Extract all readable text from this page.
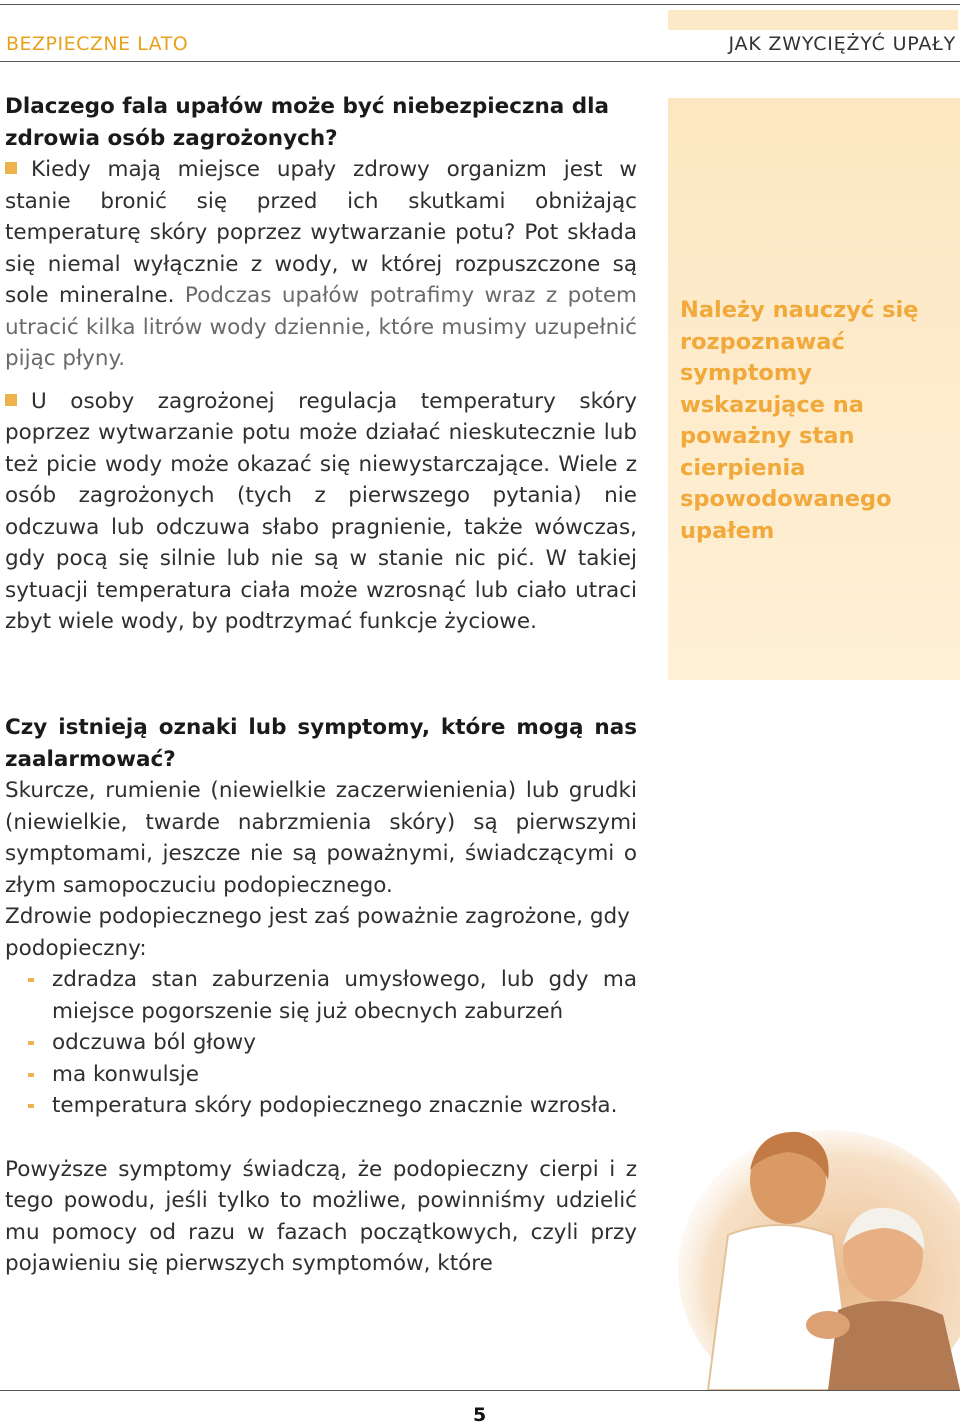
BEZPIECZNE LATO	JAK ZWYCIĘŻYĆ UPAŁY
Należy nauczyć się rozpoznawać symptomy wskazujące na poważny stan cierpienia spowodowanego upałem

Dlaczego fala upałów może być niebezpieczna dla zdrowia osób zagrożonych?

Kiedy mają miejsce upały zdrowy organizm jest w stanie bronić się przed ich skutkami obniżając temperaturę skóry poprzez wytwarzanie potu? Pot składa się niemal wyłącznie z wody, w której rozpuszczone są sole mineralne. Podczas upałów potrafimy wraz z potem utracić kilka litrów wody dziennie, które musimy uzupełnić pijąc płyny.

U osoby zagrożonej regulacja temperatury skóry poprzez wytwarzanie potu może działać nieskutecznie lub też picie wody może okazać się niewystarczające. Wiele z osób zagrożonych (tych z pierwszego pytania) nie odczuwa lub odczuwa słabo pragnienie, także wówczas, gdy pocą się silnie lub nie są w stanie nic pić. W takiej sytuacji temperatura ciała może wzrosnąć lub ciało utraci zbyt wiele wody, by podtrzymać funkcje życiowe.

Czy istnieją oznaki lub symptomy, które mogą nas zaalarmować?

Skurcze, rumienie (niewielkie zaczerwienienia) lub grudki (niewielkie, twarde nabrzmienia skóry) są pierwszymi symptomami, jeszcze nie są poważnymi, świadczącymi o złym samopoczuciu podopiecznego.

Zdrowie podopiecznego jest zaś poważnie zagrożone, gdy podopieczny:

zdradza stan zaburzenia umysłowego, lub gdy ma miejsce pogorszenie się już obecnych zaburzeń
odczuwa ból głowy
ma konwulsje
temperatura skóry podopiecznego znacznie wzrosła.

Powyższe symptomy świadczą, że podopieczny cierpi i z tego powodu, jeśli tylko to możliwe, powinniśmy udzielić mu pomocy od razu w fazach początkowych, czyli przy pojawieniu się pierwszych symptomów, które

5
